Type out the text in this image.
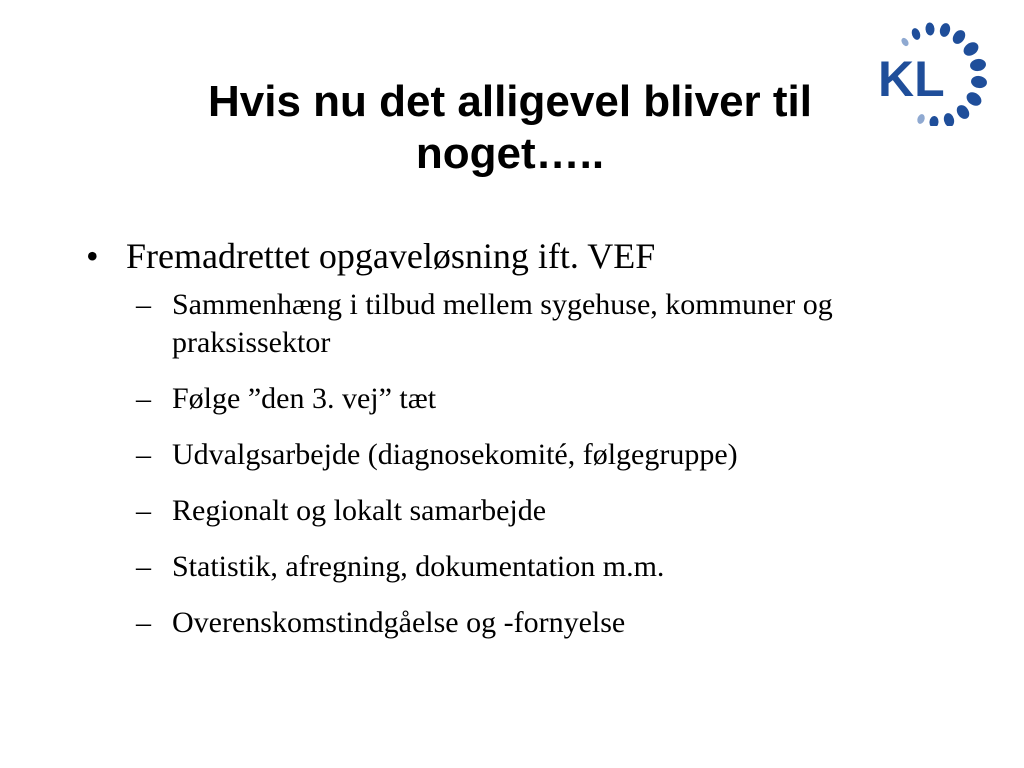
Hvis nu det alligevel bliver til
noget…..
KL
• Fremadrettet opgaveløsning ift. VEF
– Sammenhæng i tilbud mellem sygehuse, kommuner og praksissektor
– Følge ”den 3. vej” tæt
– Udvalgsarbejde (diagnosekomité, følgegruppe)
– Regionalt og lokalt samarbejde
– Statistik, afregning, dokumentation m.m.
– Overenskomstindgåelse og -fornyelse
